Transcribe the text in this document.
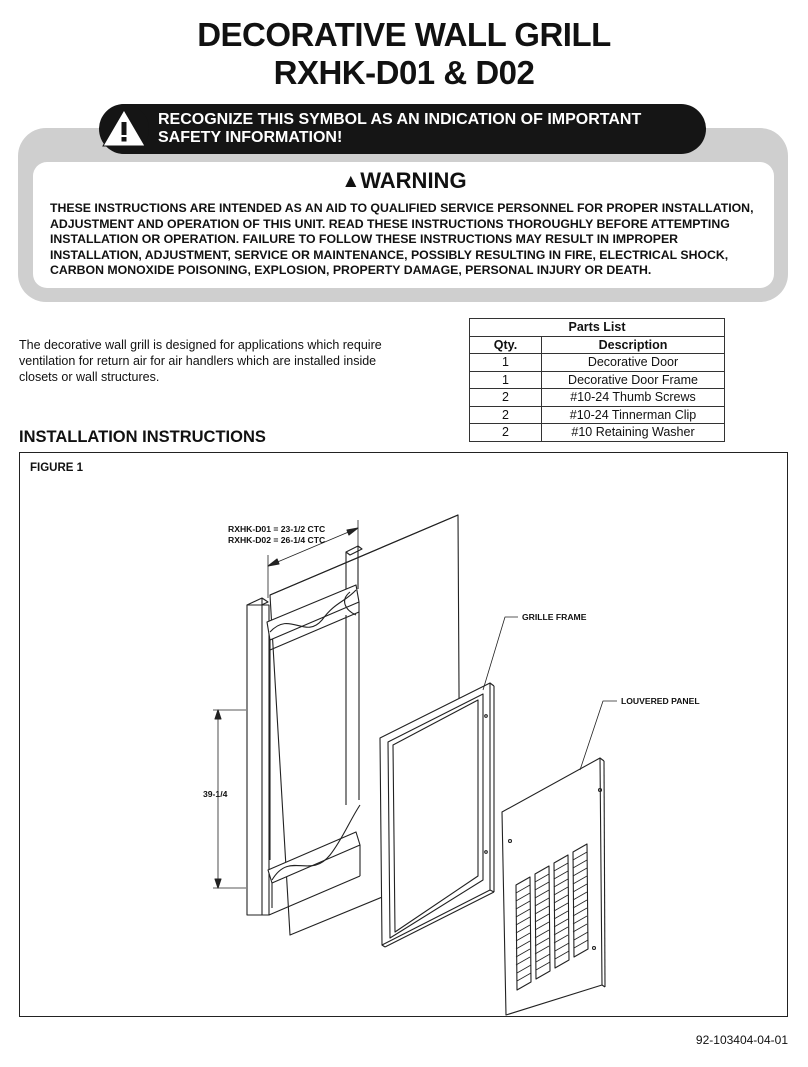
DECORATIVE WALL GRILL
RXHK-D01 & D02
RECOGNIZE THIS SYMBOL AS AN INDICATION OF IMPORTANT SAFETY INFORMATION!
▲WARNING
THESE INSTRUCTIONS ARE INTENDED AS AN AID TO QUALIFIED SERVICE PERSONNEL FOR PROPER INSTALLATION, ADJUSTMENT AND OPERATION OF THIS UNIT. READ THESE INSTRUCTIONS THOROUGHLY BEFORE ATTEMPTING INSTALLATION OR OPERATION. FAILURE TO FOLLOW THESE INSTRUCTIONS MAY RESULT IN IMPROPER INSTALLATION, ADJUSTMENT, SERVICE OR MAINTENANCE, POSSIBLY RESULTING IN FIRE, ELECTRICAL SHOCK, CARBON MONOXIDE POISONING, EXPLOSION, PROPERTY DAMAGE, PERSONAL INJURY OR DEATH.
The decorative wall grill is designed for applications which require ventilation for return air for air handlers which are installed inside closets or wall structures.
INSTALLATION INSTRUCTIONS
Parts List	
Qty.	Description
1	Decorative Door
1	Decorative Door Frame
2	#10-24 Thumb Screws
2	#10-24 Tinnerman Clip
2	#10 Retaining Washer
FIGURE 1
RXHK-D01 = 23-1/2 CTC
RXHK-D02 = 26-1/4 CTC
39-1/4
GRILLE FRAME
LOUVERED PANEL
92-103404-04-01
